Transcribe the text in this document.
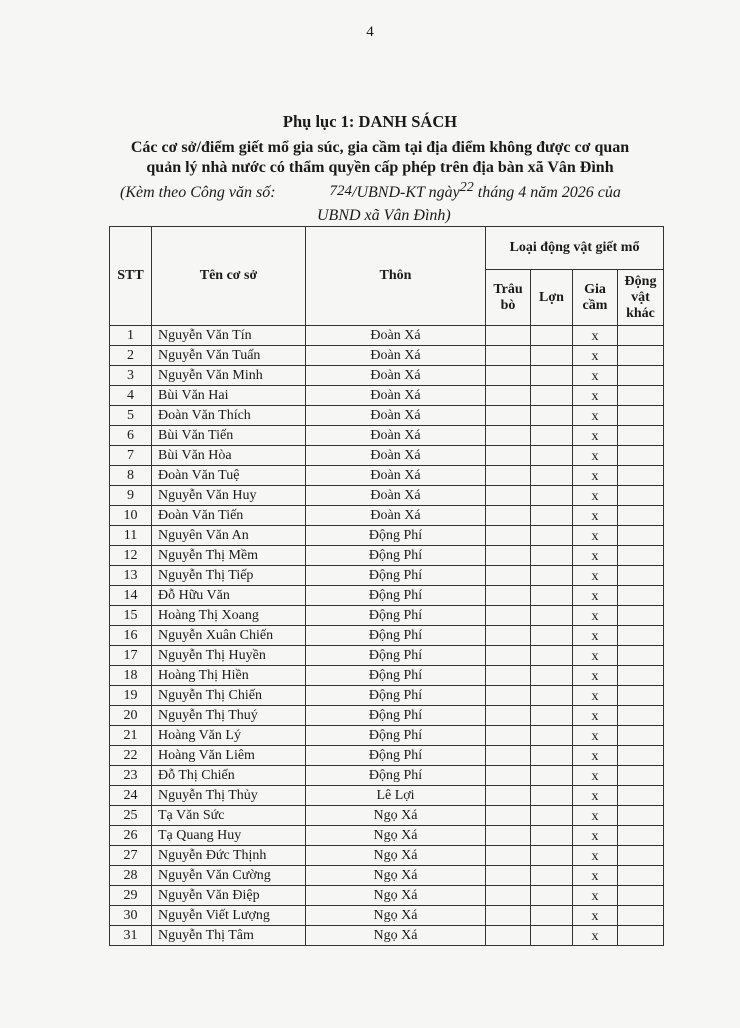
4
Phụ lục 1: DANH SÁCH
Các cơ sở/điểm giết mổ gia súc, gia cầm tại địa điểm không được cơ quan
quản lý nhà nước có thẩm quyền cấp phép trên địa bàn xã Vân Đình
(Kèm theo Công văn số:	724/UBND-KT ngày22 tháng 4 năm 2026 của
UBND xã Vân Đình)
STT	Tên cơ sở	Thôn	Loại động vật giết mổ			
			Trâu bò	Lợn	Gia cầm	Động vật khác
1	Nguyễn Văn Tín	Đoàn Xá			x	
2	Nguyễn Văn Tuấn	Đoàn Xá			x	
3	Nguyễn Văn Minh	Đoàn Xá			x	
4	Bùi Văn Hai	Đoàn Xá			x	
5	Đoàn Văn Thích	Đoàn Xá			x	
6	Bùi Văn Tiến	Đoàn Xá			x	
7	Bùi Văn Hòa	Đoàn Xá			x	
8	Đoàn Văn Tuệ	Đoàn Xá			x	
9	Nguyễn Văn Huy	Đoàn Xá			x	
10	Đoàn Văn Tiến	Đoàn Xá			x	
11	Nguyên Văn An	Động Phí			x	
12	Nguyễn Thị Mềm	Động Phí			x	
13	Nguyễn Thị Tiếp	Động Phí			x	
14	Đỗ Hữu Văn	Động Phí			x	
15	Hoàng Thị Xoang	Động Phí			x	
16	Nguyễn Xuân Chiến	Động Phí			x	
17	Nguyễn Thị Huyền	Động Phí			x	
18	Hoàng Thị Hiền	Động Phí			x	
19	Nguyễn Thị Chiến	Động Phí			x	
20	Nguyễn Thị Thuý	Động Phí			x	
21	Hoàng Văn Lý	Động Phí			x	
22	Hoàng Văn Liêm	Động Phí			x	
23	Đỗ Thị Chiến	Động Phí			x	
24	Nguyễn Thị Thủy	Lê Lợi			x	
25	Tạ Văn Sức	Ngọ Xá			x	
26	Tạ Quang Huy	Ngọ Xá			x	
27	Nguyễn Đức Thịnh	Ngọ Xá			x	
28	Nguyễn Văn Cường	Ngọ Xá			x	
29	Nguyễn Văn Điệp	Ngọ Xá			x	
30	Nguyễn Viết Lượng	Ngọ Xá			x	
31	Nguyễn Thị Tâm	Ngọ Xá			x	
